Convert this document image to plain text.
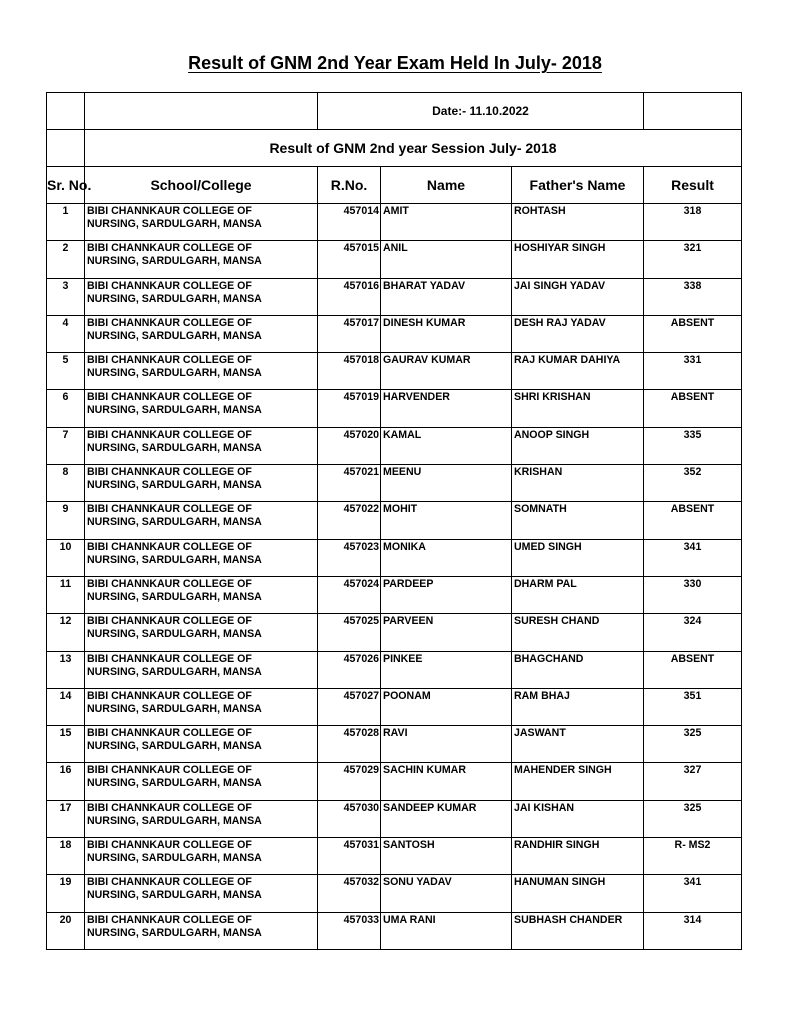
Result of GNM 2nd Year Exam Held In July- 2018
		Date:- 11.10.2022			
	Result of GNM 2nd year Session July- 2018				
Sr. No.	School/College	R.No.	Name	Father's Name	Result
1	BIBI CHANNKAUR COLLEGE OF
NURSING, SARDULGARH, MANSA	457014	AMIT	ROHTASH	318
2	BIBI CHANNKAUR COLLEGE OF
NURSING, SARDULGARH, MANSA	457015	ANIL	HOSHIYAR SINGH	321
3	BIBI CHANNKAUR COLLEGE OF
NURSING, SARDULGARH, MANSA	457016	BHARAT YADAV	JAI SINGH YADAV	338
4	BIBI CHANNKAUR COLLEGE OF
NURSING, SARDULGARH, MANSA	457017	DINESH KUMAR	DESH RAJ YADAV	ABSENT
5	BIBI CHANNKAUR COLLEGE OF
NURSING, SARDULGARH, MANSA	457018	GAURAV KUMAR	RAJ KUMAR DAHIYA	331
6	BIBI CHANNKAUR COLLEGE OF
NURSING, SARDULGARH, MANSA	457019	HARVENDER	SHRI KRISHAN	ABSENT
7	BIBI CHANNKAUR COLLEGE OF
NURSING, SARDULGARH, MANSA	457020	KAMAL	ANOOP SINGH	335
8	BIBI CHANNKAUR COLLEGE OF
NURSING, SARDULGARH, MANSA	457021	MEENU	KRISHAN	352
9	BIBI CHANNKAUR COLLEGE OF
NURSING, SARDULGARH, MANSA	457022	MOHIT	SOMNATH	ABSENT
10	BIBI CHANNKAUR COLLEGE OF
NURSING, SARDULGARH, MANSA	457023	MONIKA	UMED SINGH	341
11	BIBI CHANNKAUR COLLEGE OF
NURSING, SARDULGARH, MANSA	457024	PARDEEP	DHARM PAL	330
12	BIBI CHANNKAUR COLLEGE OF
NURSING, SARDULGARH, MANSA	457025	PARVEEN	SURESH CHAND	324
13	BIBI CHANNKAUR COLLEGE OF
NURSING, SARDULGARH, MANSA	457026	PINKEE	BHAGCHAND	ABSENT
14	BIBI CHANNKAUR COLLEGE OF
NURSING, SARDULGARH, MANSA	457027	POONAM	RAM BHAJ	351
15	BIBI CHANNKAUR COLLEGE OF
NURSING, SARDULGARH, MANSA	457028	RAVI	JASWANT	325
16	BIBI CHANNKAUR COLLEGE OF
NURSING, SARDULGARH, MANSA	457029	SACHIN KUMAR	MAHENDER SINGH	327
17	BIBI CHANNKAUR COLLEGE OF
NURSING, SARDULGARH, MANSA	457030	SANDEEP KUMAR	JAI KISHAN	325
18	BIBI CHANNKAUR COLLEGE OF
NURSING, SARDULGARH, MANSA	457031	SANTOSH	RANDHIR SINGH	R- MS2
19	BIBI CHANNKAUR COLLEGE OF
NURSING, SARDULGARH, MANSA	457032	SONU YADAV	HANUMAN SINGH	341
20	BIBI CHANNKAUR COLLEGE OF
NURSING, SARDULGARH, MANSA	457033	UMA RANI	SUBHASH CHANDER	314
